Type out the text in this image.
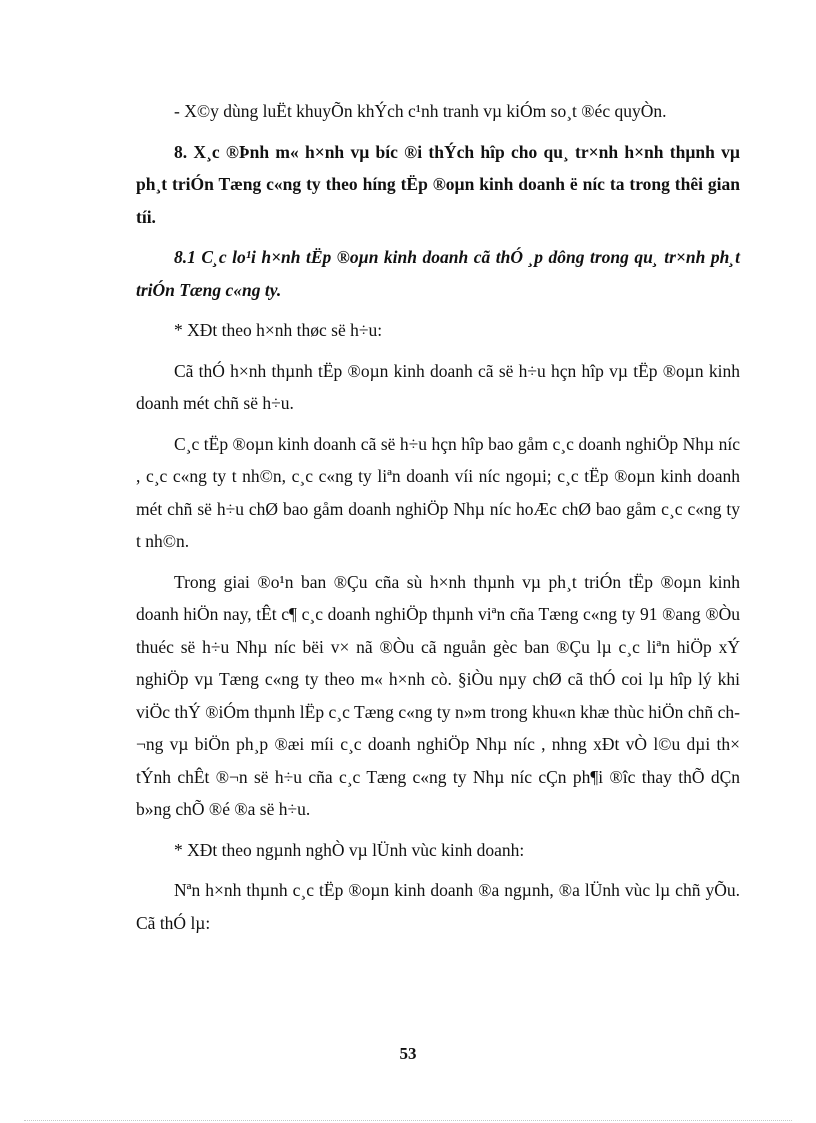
- X©y dùng luËt khuyÕn khÝch c¹nh tranh vµ kiÓm so¸t ®éc quyÒn.

8. X¸c ®Þnh m« h×nh vµ bíc ®i thÝch hîp cho qu¸ tr×nh h×nh thµnh vµ ph¸t triÓn Tæng c«ng ty theo híng tËp ®oµn kinh doanh ë níc ta trong thêi gian tíi.

8.1 C¸c lo¹i h×nh tËp ®oµn kinh doanh cã thÓ ¸p dông trong qu¸ tr×nh ph¸t triÓn Tæng c«ng ty.

* XÐt theo h×nh thøc së h÷u:

Cã thÓ h×nh thµnh tËp ®oµn kinh doanh cã së h÷u hçn hîp vµ tËp ®oµn kinh doanh mét chñ së h÷u.

C¸c tËp ®oµn kinh doanh cã së h÷u hçn hîp bao gåm c¸c doanh nghiÖp Nhµ níc , c¸c c«ng ty t nh©n, c¸c c«ng ty liªn doanh víi níc ngoµi; c¸c tËp ®oµn kinh doanh mét chñ së h÷u chØ bao gåm doanh nghiÖp Nhµ níc hoÆc chØ bao gåm c¸c c«ng ty t nh©n.

Trong giai ®o¹n ban ®Çu cña sù h×nh thµnh vµ ph¸t triÓn tËp ®oµn kinh doanh hiÖn nay, tÊt c¶ c¸c doanh nghiÖp thµnh viªn cña Tæng c«ng ty 91 ®ang ®Òu thuéc së h÷u Nhµ níc bëi v× nã ®Òu cã nguån gèc ban ®Çu lµ c¸c liªn hiÖp xÝ nghiÖp vµ Tæng c«ng ty theo m« h×nh cò. §iÒu nµy chØ cã thÓ coi lµ hîp lý khi viÖc thÝ ®iÓm thµnh lËp c¸c Tæng c«ng ty n»m trong khu«n khæ thùc hiÖn chñ ch¬ng vµ biÖn ph¸p ®æi míi c¸c doanh nghiÖp Nhµ níc , nhng xÐt vÒ l©u dµi th× tÝnh chÊt ®¬n së h÷u cña c¸c Tæng c«ng ty Nhµ níc cÇn ph¶i ®îc thay thÕ dÇn b»ng chÕ ®é ®a së h÷u.

* XÐt theo ngµnh nghÒ vµ lÜnh vùc kinh doanh:

Nªn h×nh thµnh c¸c tËp ®oµn kinh doanh ®a ngµnh, ®a lÜnh vùc lµ chñ yÕu. Cã thÓ lµ:

53
